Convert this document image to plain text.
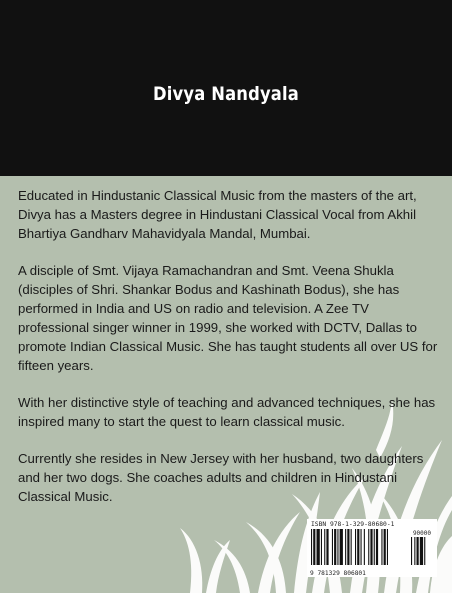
Divya Nandyala

Educated in Hindustanic Classical Music from the masters of the art, Divya has a Masters degree in Hindustani Classical Vocal from Akhil Bhartiya Gandharv Mahavidyala Mandal, Mumbai.

A disciple of Smt. Vijaya Ramachandran and Smt. Veena Shukla (disciples of Shri. Shankar Bodus and Kashinath Bodus), she has performed in India and US on radio and television. A Zee TV professional singer winner in 1999, she worked with DCTV, Dallas to promote Indian Classical Music. She has taught students all over US for fifteen years.

With her distinctive style of teaching and advanced techniques, she has inspired many to start the quest to learn classical music.

Currently she resides in New Jersey with her husband, two daughters and her two dogs. She coaches adults and children in Hindustani Classical Music.

ISBN 978-1-329-80680-1
90000
9 781329 806801
